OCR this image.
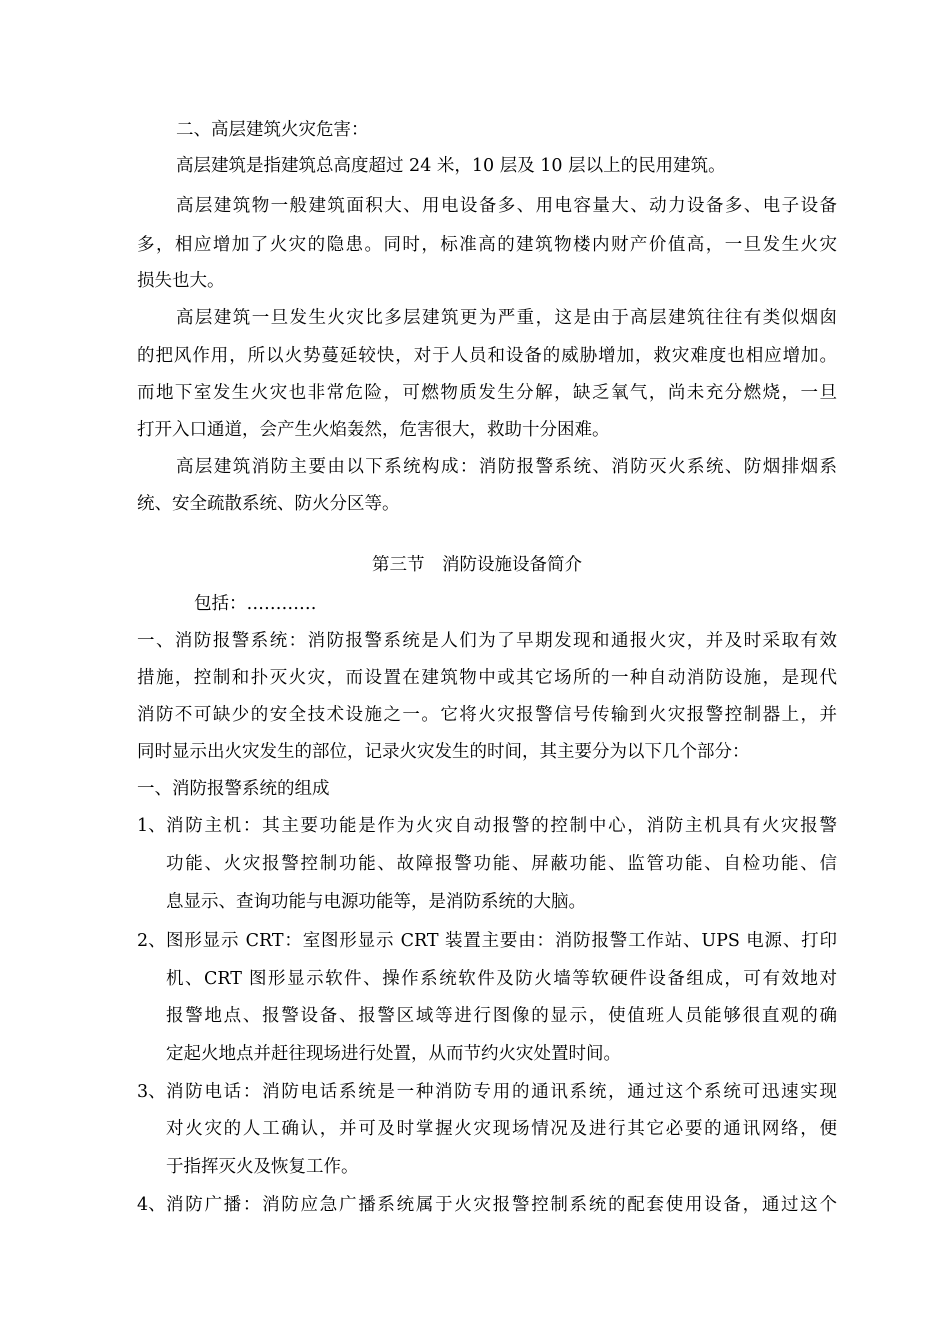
二、高层建筑火灾危害：
高层建筑是指建筑总高度超过 24 米，10 层及 10 层以上的民用建筑。
高层建筑物一般建筑面积大、用电设备多、用电容量大、动力设备多、电子设备
多，相应增加了火灾的隐患。同时，标准高的建筑物楼内财产价值高，一旦发生火灾
损失也大。
高层建筑一旦发生火灾比多层建筑更为严重，这是由于高层建筑往往有类似烟囱
的把风作用，所以火势蔓延较快，对于人员和设备的威胁增加，救灾难度也相应增加。
而地下室发生火灾也非常危险，可燃物质发生分解，缺乏氧气，尚未充分燃烧，一旦
打开入口通道，会产生火焰轰然，危害很大，救助十分困难。
高层建筑消防主要由以下系统构成：消防报警系统、消防灭火系统、防烟排烟系
统、安全疏散系统、防火分区等。
第三节　消防设施设备简介
包括：…………
一、消防报警系统：消防报警系统是人们为了早期发现和通报火灾，并及时采取有效
措施，控制和扑灭火灾，而设置在建筑物中或其它场所的一种自动消防设施，是现代
消防不可缺少的安全技术设施之一。它将火灾报警信号传输到火灾报警控制器上，并
同时显示出火灾发生的部位，记录火灾发生的时间，其主要分为以下几个部分：
一、消防报警系统的组成
1、 消防主机：其主要功能是作为火灾自动报警的控制中心，消防主机具有火灾报警
功能、火灾报警控制功能、故障报警功能、屏蔽功能、监管功能、自检功能、信
息显示、查询功能与电源功能等，是消防系统的大脑。
2、 图形显示 CRT：室图形显示 CRT 装置主要由：消防报警工作站、UPS 电源、打印
机、CRT 图形显示软件、操作系统软件及防火墙等软硬件设备组成，可有效地对
报警地点、报警设备、报警区域等进行图像的显示，使值班人员能够很直观的确
定起火地点并赶往现场进行处置，从而节约火灾处置时间。
3、 消防电话：消防电话系统是一种消防专用的通讯系统，通过这个系统可迅速实现
对火灾的人工确认，并可及时掌握火灾现场情况及进行其它必要的通讯网络，便
于指挥灭火及恢复工作。
4、 消防广播：消防应急广播系统属于火灾报警控制系统的配套使用设备，通过这个
